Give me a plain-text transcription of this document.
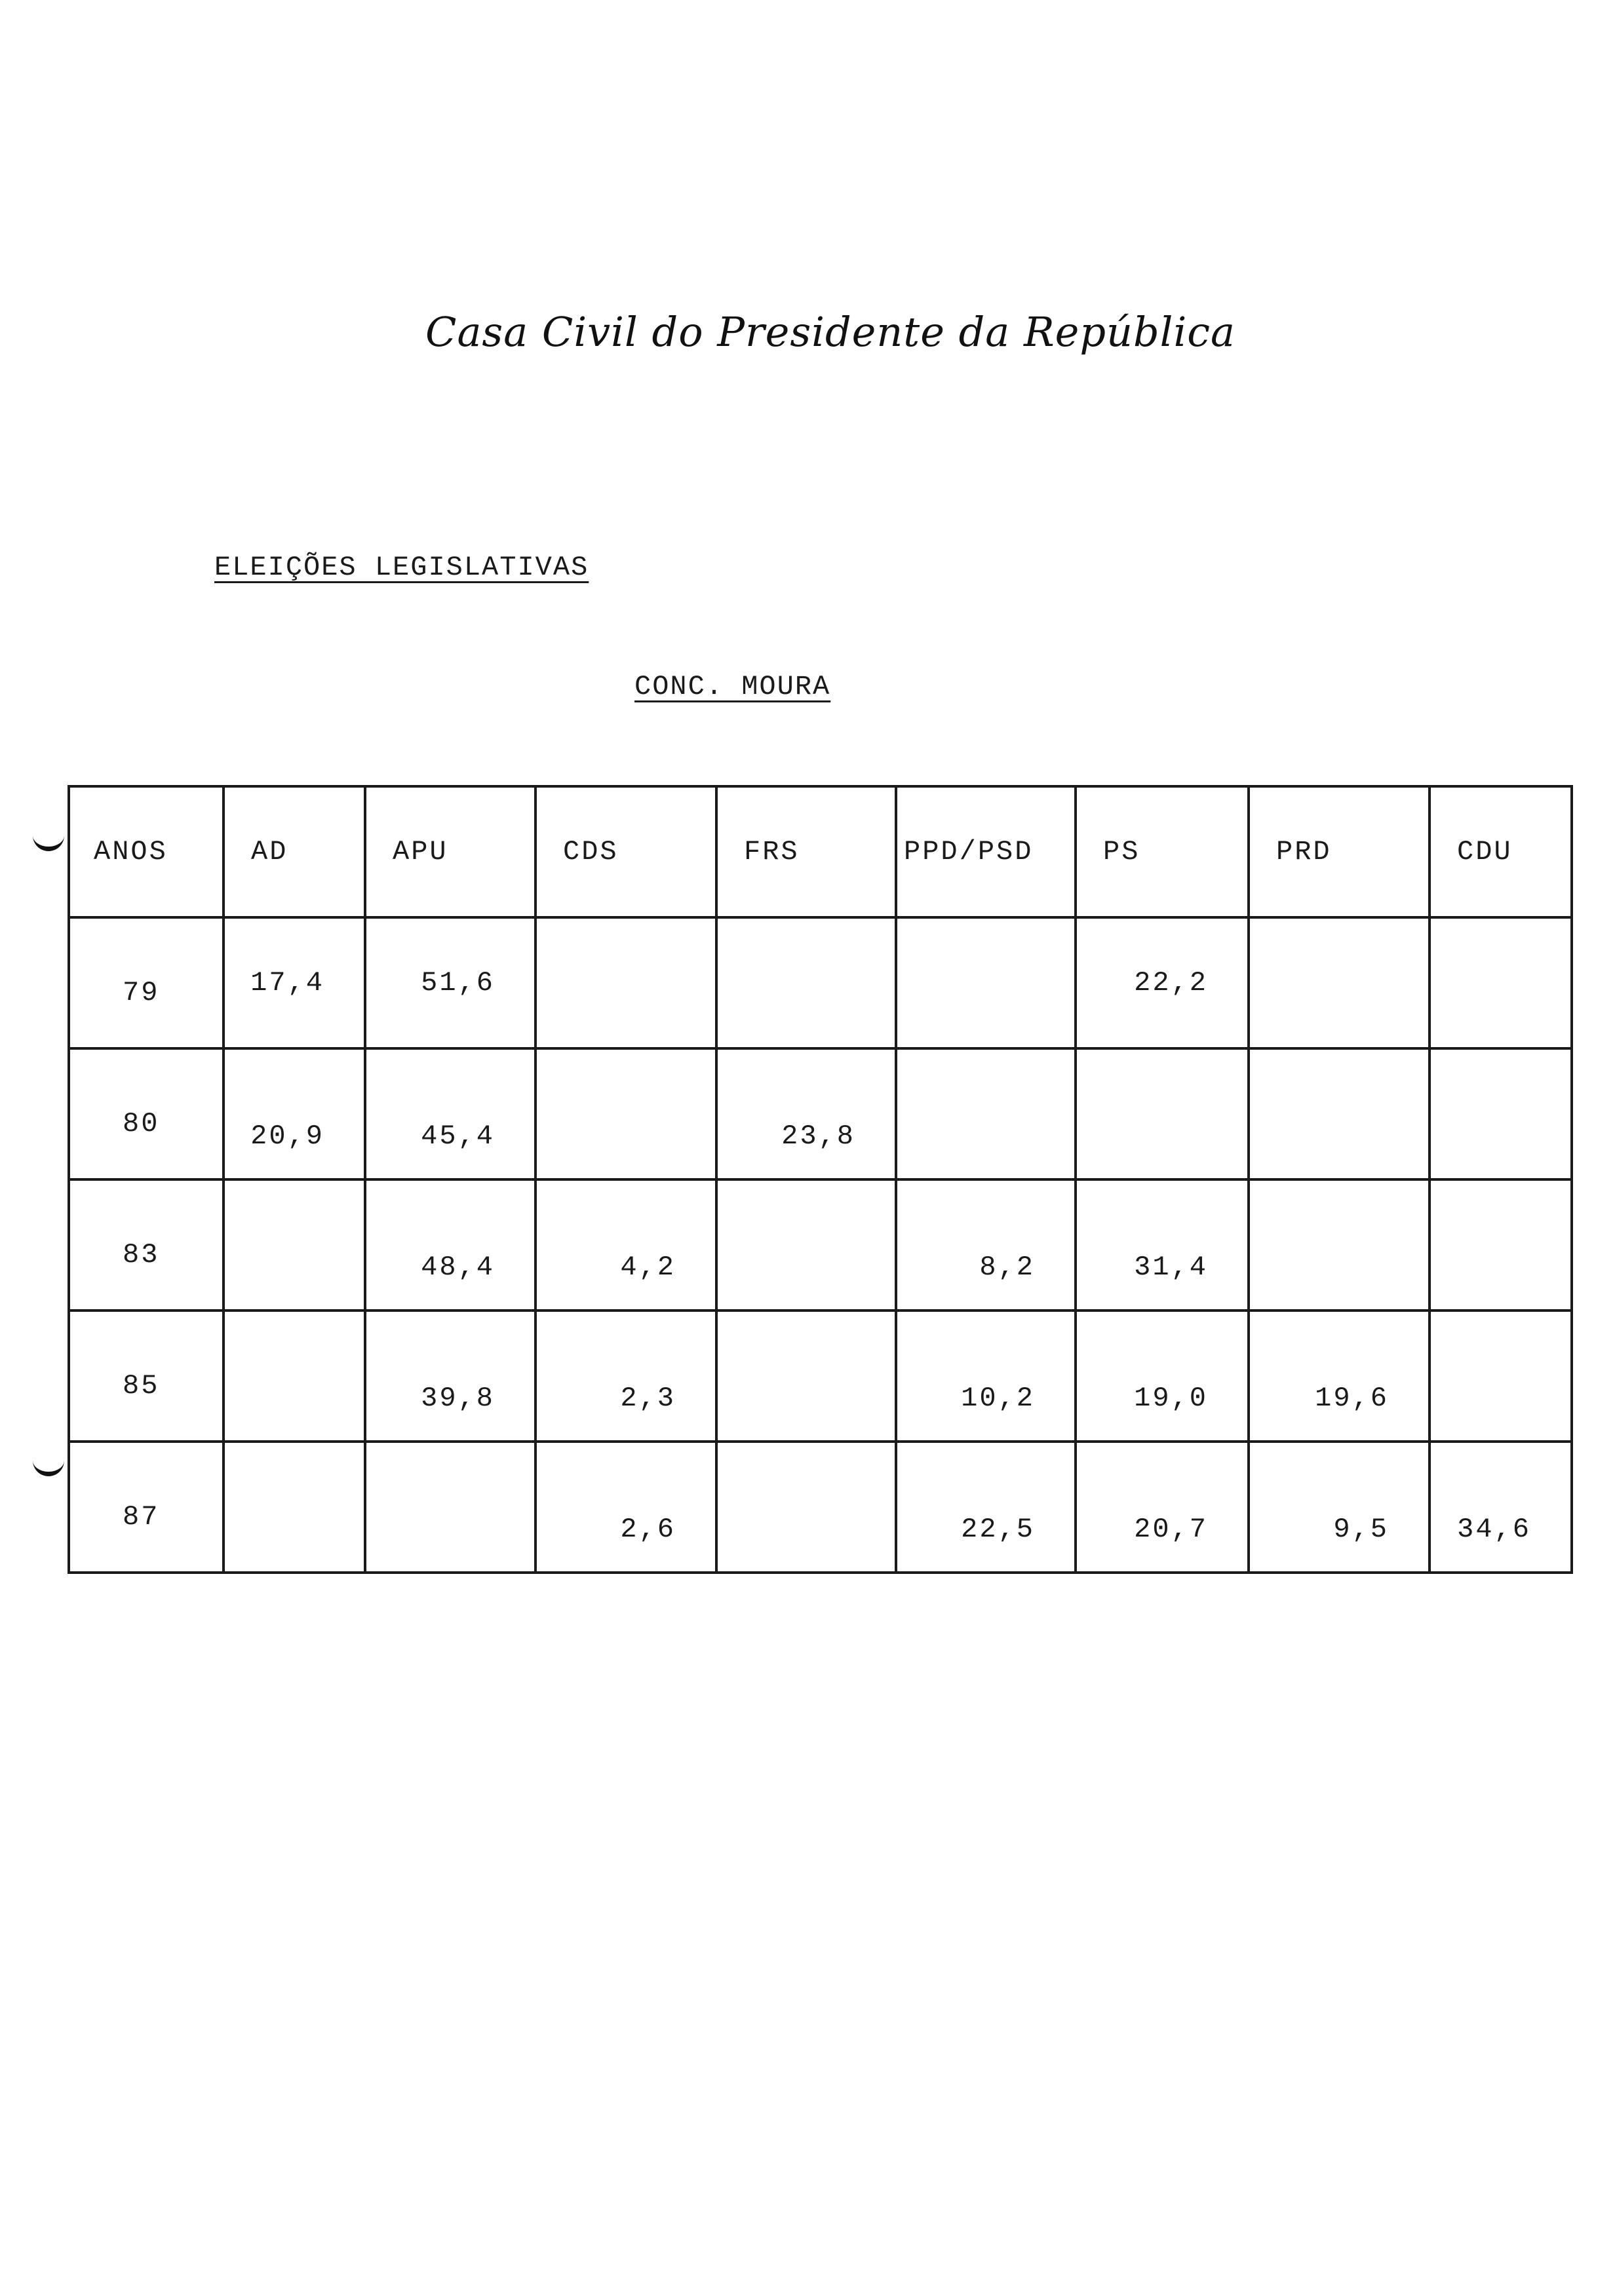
Casa Civil do Presidente da República
ELEIÇÕES LEGISLATIVAS
CONC. MOURA
ANOS	AD	APU	CDS	FRS	PPD/PSD	PS	PRD	CDU
79	17,4	51,6				22,2		
80	20,9	45,4		23,8				
83		48,4	4,2		8,2	31,4		
85		39,8	2,3		10,2	19,0	19,6	
87			2,6		22,5	20,7	9,5	34,6
